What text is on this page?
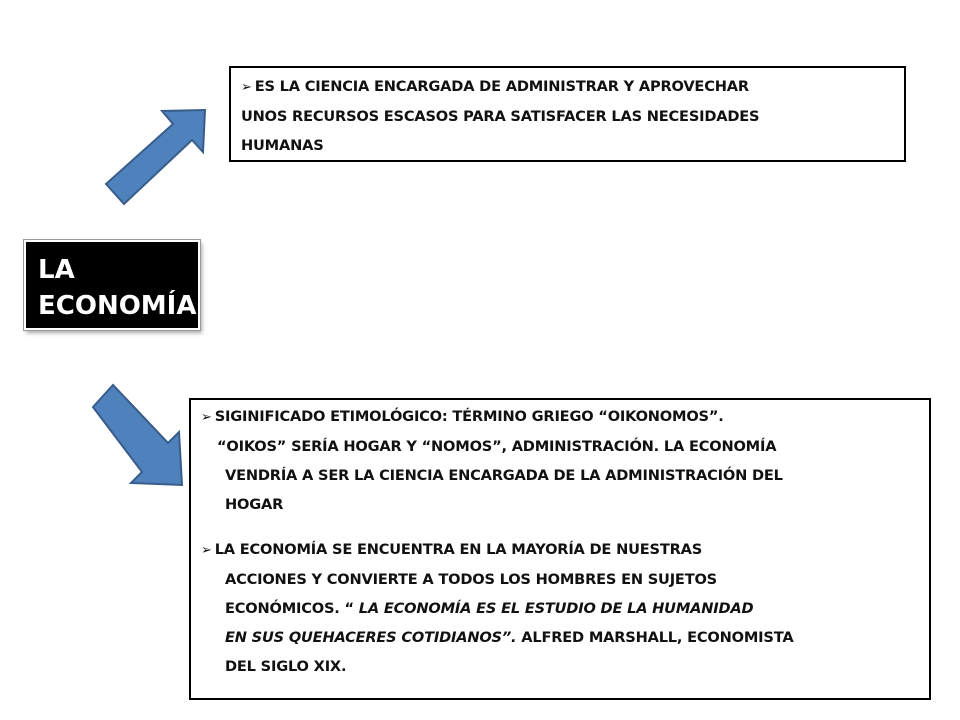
LA
ECONOMÍA
➢ ES LA CIENCIA ENCARGADA DE ADMINISTRAR Y APROVECHAR
UNOS RECURSOS ESCASOS PARA SATISFACER LAS NECESIDADES
HUMANAS
➢ SIGINIFICADO ETIMOLÓGICO: TÉRMINO GRIEGO “OIKONOMOS”.
“OIKOS” SERÍA HOGAR Y “NOMOS”, ADMINISTRACIÓN. LA ECONOMÍA
VENDRÍA A SER LA CIENCIA ENCARGADA DE LA ADMINISTRACIÓN DEL
HOGAR
➢ LA ECONOMÍA SE ENCUENTRA EN LA MAYORÍA DE NUESTRAS
ACCIONES Y CONVIERTE A TODOS LOS HOMBRES EN SUJETOS
ECONÓMICOS. “ LA ECONOMÍA ES EL ESTUDIO DE LA HUMANIDAD
EN SUS QUEHACERES COTIDIANOS”. ALFRED MARSHALL, ECONOMISTA
DEL SIGLO XIX.
